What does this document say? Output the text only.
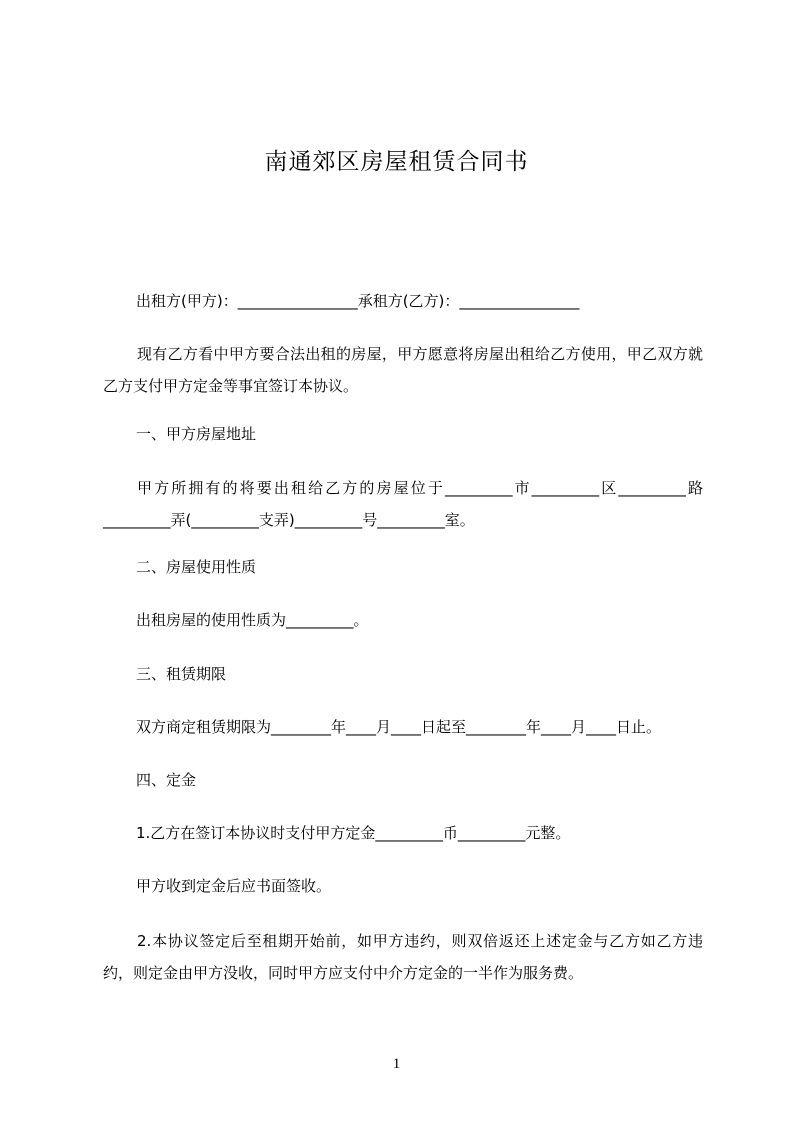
南通郊区房屋租赁合同书
出租方(甲方)：________________承租方(乙方)：________________
现有乙方看中甲方要合法出租的房屋，甲方愿意将房屋出租给乙方使用，甲乙双方就乙方支付甲方定金等事宜签订本协议。
一、甲方房屋地址
甲方所拥有的将要出租给乙方的房屋位于_________市_________区_________路_________弄(_________支弄)_________号_________室。
二、房屋使用性质
出租房屋的使用性质为_________。
三、租赁期限
双方商定租赁期限为________年____月____日起至________年____月____日止。
四、定金
1.乙方在签订本协议时支付甲方定金_________币_________元整。
甲方收到定金后应书面签收。
2.本协议签定后至租期开始前，如甲方违约，则双倍返还上述定金与乙方如乙方违约，则定金由甲方没收，同时甲方应支付中介方定金的一半作为服务费。
1
